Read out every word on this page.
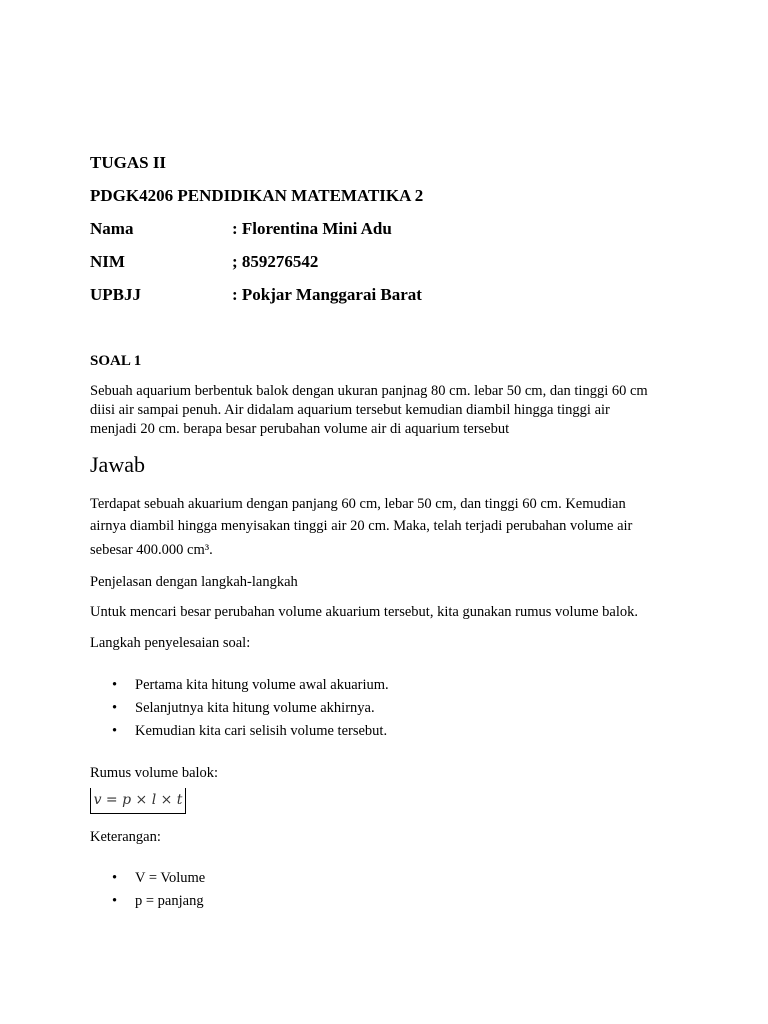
TUGAS II

PDGK4206 PENDIDIKAN MATEMATIKA 2

Nama	: Florentina Mini Adu

NIM	; 859276542

UPBJJ	: Pokjar Manggarai Barat

SOAL 1

Sebuah aquarium berbentuk balok dengan ukuran panjnag 80 cm. lebar 50 cm, dan tinggi 60 cm

diisi air sampai penuh. Air didalam aquarium tersebut kemudian diambil hingga tinggi air

menjadi 20 cm. berapa besar perubahan volume air di aquarium tersebut

Jawab

Terdapat sebuah akuarium dengan panjang 60 cm, lebar 50 cm, dan tinggi 60 cm. Kemudian

airnya diambil hingga menyisakan tinggi air 20 cm. Maka, telah terjadi perubahan volume air

sebesar 400.000 cm³.

Penjelasan dengan langkah-langkah

Untuk mencari besar perubahan volume akuarium tersebut, kita gunakan rumus volume balok.

Langkah penyelesaian soal:

• Pertama kita hitung volume awal akuarium.
• Selanjutnya kita hitung volume akhirnya.
• Kemudian kita cari selisih volume tersebut.

Rumus volume balok:

v = p × l × t

Keterangan:

• V = Volume
• p = panjang
